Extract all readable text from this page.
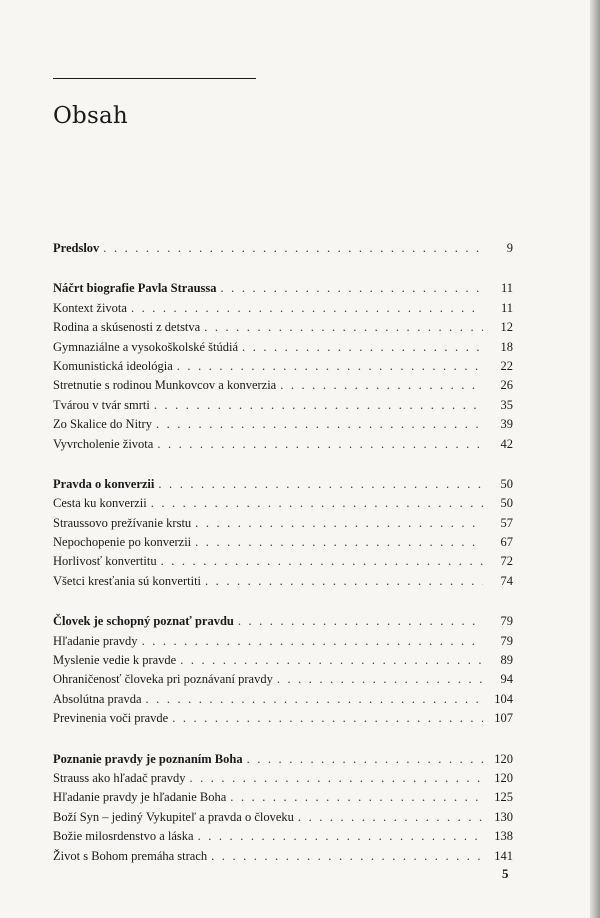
Obsah
Predslov . . .	9
Náčrt biografie Pavla Straussa . . .	11
Kontext života . . .	11
Rodina a skúsenosti z detstva . . .	12
Gymnaziálne a vysokoškolské štúdiá . . .	18
Komunistická ideológia . . .	22
Stretnutie s rodinou Munkovcov a konverzia . . .	26
Tvárou v tvár smrti . . .	35
Zo Skalice do Nitry . . .	39
Vyvrcholenie života . . .	42
Pravda o konverzii . . .	50
Cesta ku konverzii . . .	50
Straussovo prežívanie krstu . . .	57
Nepochopenie po konverzii . . .	67
Horlivosť konvertitu . . .	72
Všetci kresťania sú konvertiti . . .	74
Človek je schopný poznať pravdu . . .	79
Hľadanie pravdy . . .	79
Myslenie vedie k pravde . . .	89
Ohraničenosť človeka pri poznávaní pravdy . . .	94
Absolútna pravda . . .	104
Previnenia voči pravde . . .	107
Poznanie pravdy je poznaním Boha . . .	120
Strauss ako hľadač pravdy . . .	120
Hľadanie pravdy je hľadanie Boha . . .	125
Boží Syn – jediný Vykupiteľ a pravda o človeku . . .	130
Božie milosrdenstvo a láska . . .	138
Život s Bohom premáha strach . . .	141
5
